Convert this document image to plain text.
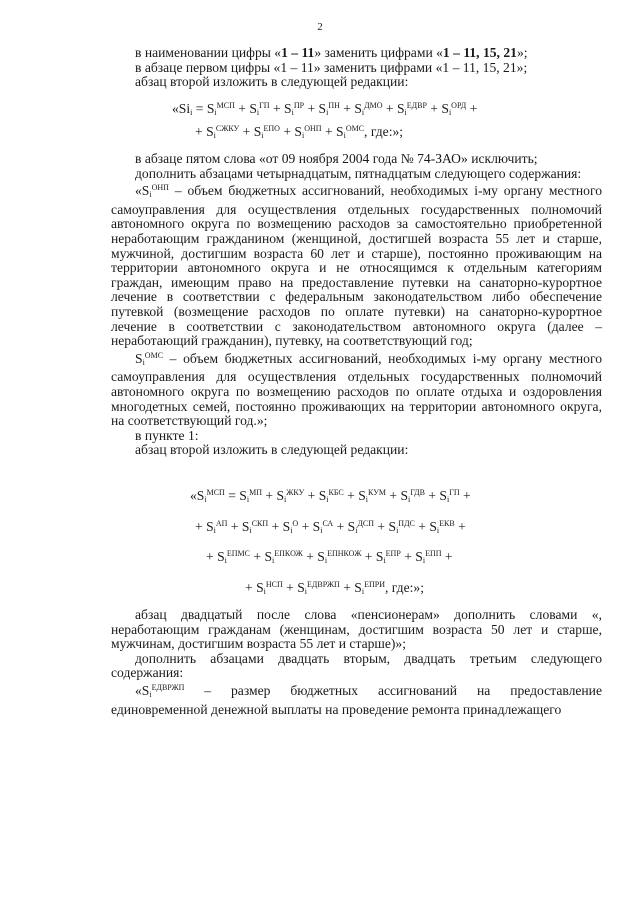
2

в наименовании цифры «1 – 11» заменить цифрами «1 – 11, 15, 21»;

в абзаце первом цифры «1 – 11» заменить цифрами «1 – 11, 15, 21»;

абзац второй изложить в следующей редакции:

«$Si_i = S_i^{МСП} + S_i^{ГП} + S_i^{ПР} + S_i^{ПН} + S_i^{ДМО} + S_i^{ЕДВР} + S_i^{ОРД}$ +
+ $S_i^{СЖКУ} + S_i^{ЕПО} + S_i^{ОНП} + S_i^{ОМС}$, где:»;

в абзаце пятом слова «от 09 ноября 2004 года № 74-ЗАО» исключить;

дополнить абзацами четырнадцатым, пятнадцатым следующего содержания:

«$S_i^{ОНП}$ – объем бюджетных ассигнований, необходимых i-му органу местного самоуправления для осуществления отдельных государственных полномочий автономного округа по возмещению расходов за самостоятельно приобретенной неработающим гражданином (женщиной, достигшей возраста 55 лет и старше, мужчиной, достигшим возраста 60 лет и старше), постоянно проживающим на территории автономного округа и не относящимся к отдельным категориям граждан, имеющим право на предоставление путевки на санаторно-курортное лечение в соответствии с федеральным законодательством либо обеспечение путевкой (возмещение расходов по оплате путевки) на санаторно-курортное лечение в соответствии с законодательством автономного округа (далее – неработающий гражданин), путевку, на соответствующий год;

$S_i^{ОМС}$ – объем бюджетных ассигнований, необходимых i-му органу местного самоуправления для осуществления отдельных государственных полномочий автономного округа по возмещению расходов по оплате отдыха и оздоровления многодетных семей, постоянно проживающих на территории автономного округа, на соответствующий год.»;

в пункте 1:

абзац второй изложить в следующей редакции:

«$S_i^{МСП} = S_i^{МП} + S_i^{ЖКУ} + S_i^{КБС} + S_i^{КУМ} + S_i^{ГДВ} + S_i^{ГП}$ +
+ $S_i^{АП} + S_i^{СКП} + S_i^О + S_i^{СА} + S_i^{ДСП} + S_i^{ПДС} + S_i^{ЕКВ}$ +
+ $S_i^{ЕПМС} + S_i^{ЕПКОЖ} + S_i^{ЕПНКОЖ} + S_i^{ЕПР} + S_i^{ЕПП}$ +
+ $S_i^{НСП} + S_i^{ЕДВРЖП} + S_i^{ЕПРИ}$, где:»;

абзац двадцатый после слова «пенсионерам» дополнить словами «, неработающим гражданам (женщинам, достигшим возраста 50 лет и старше, мужчинам, достигшим возраста 55 лет и старше)»;

дополнить абзацами двадцать вторым, двадцать третьим следующего содержания:

«$S_i^{ЕДВРЖП}$ – размер бюджетных ассигнований на предоставление единовременной денежной выплаты на проведение ремонта принадлежащего
